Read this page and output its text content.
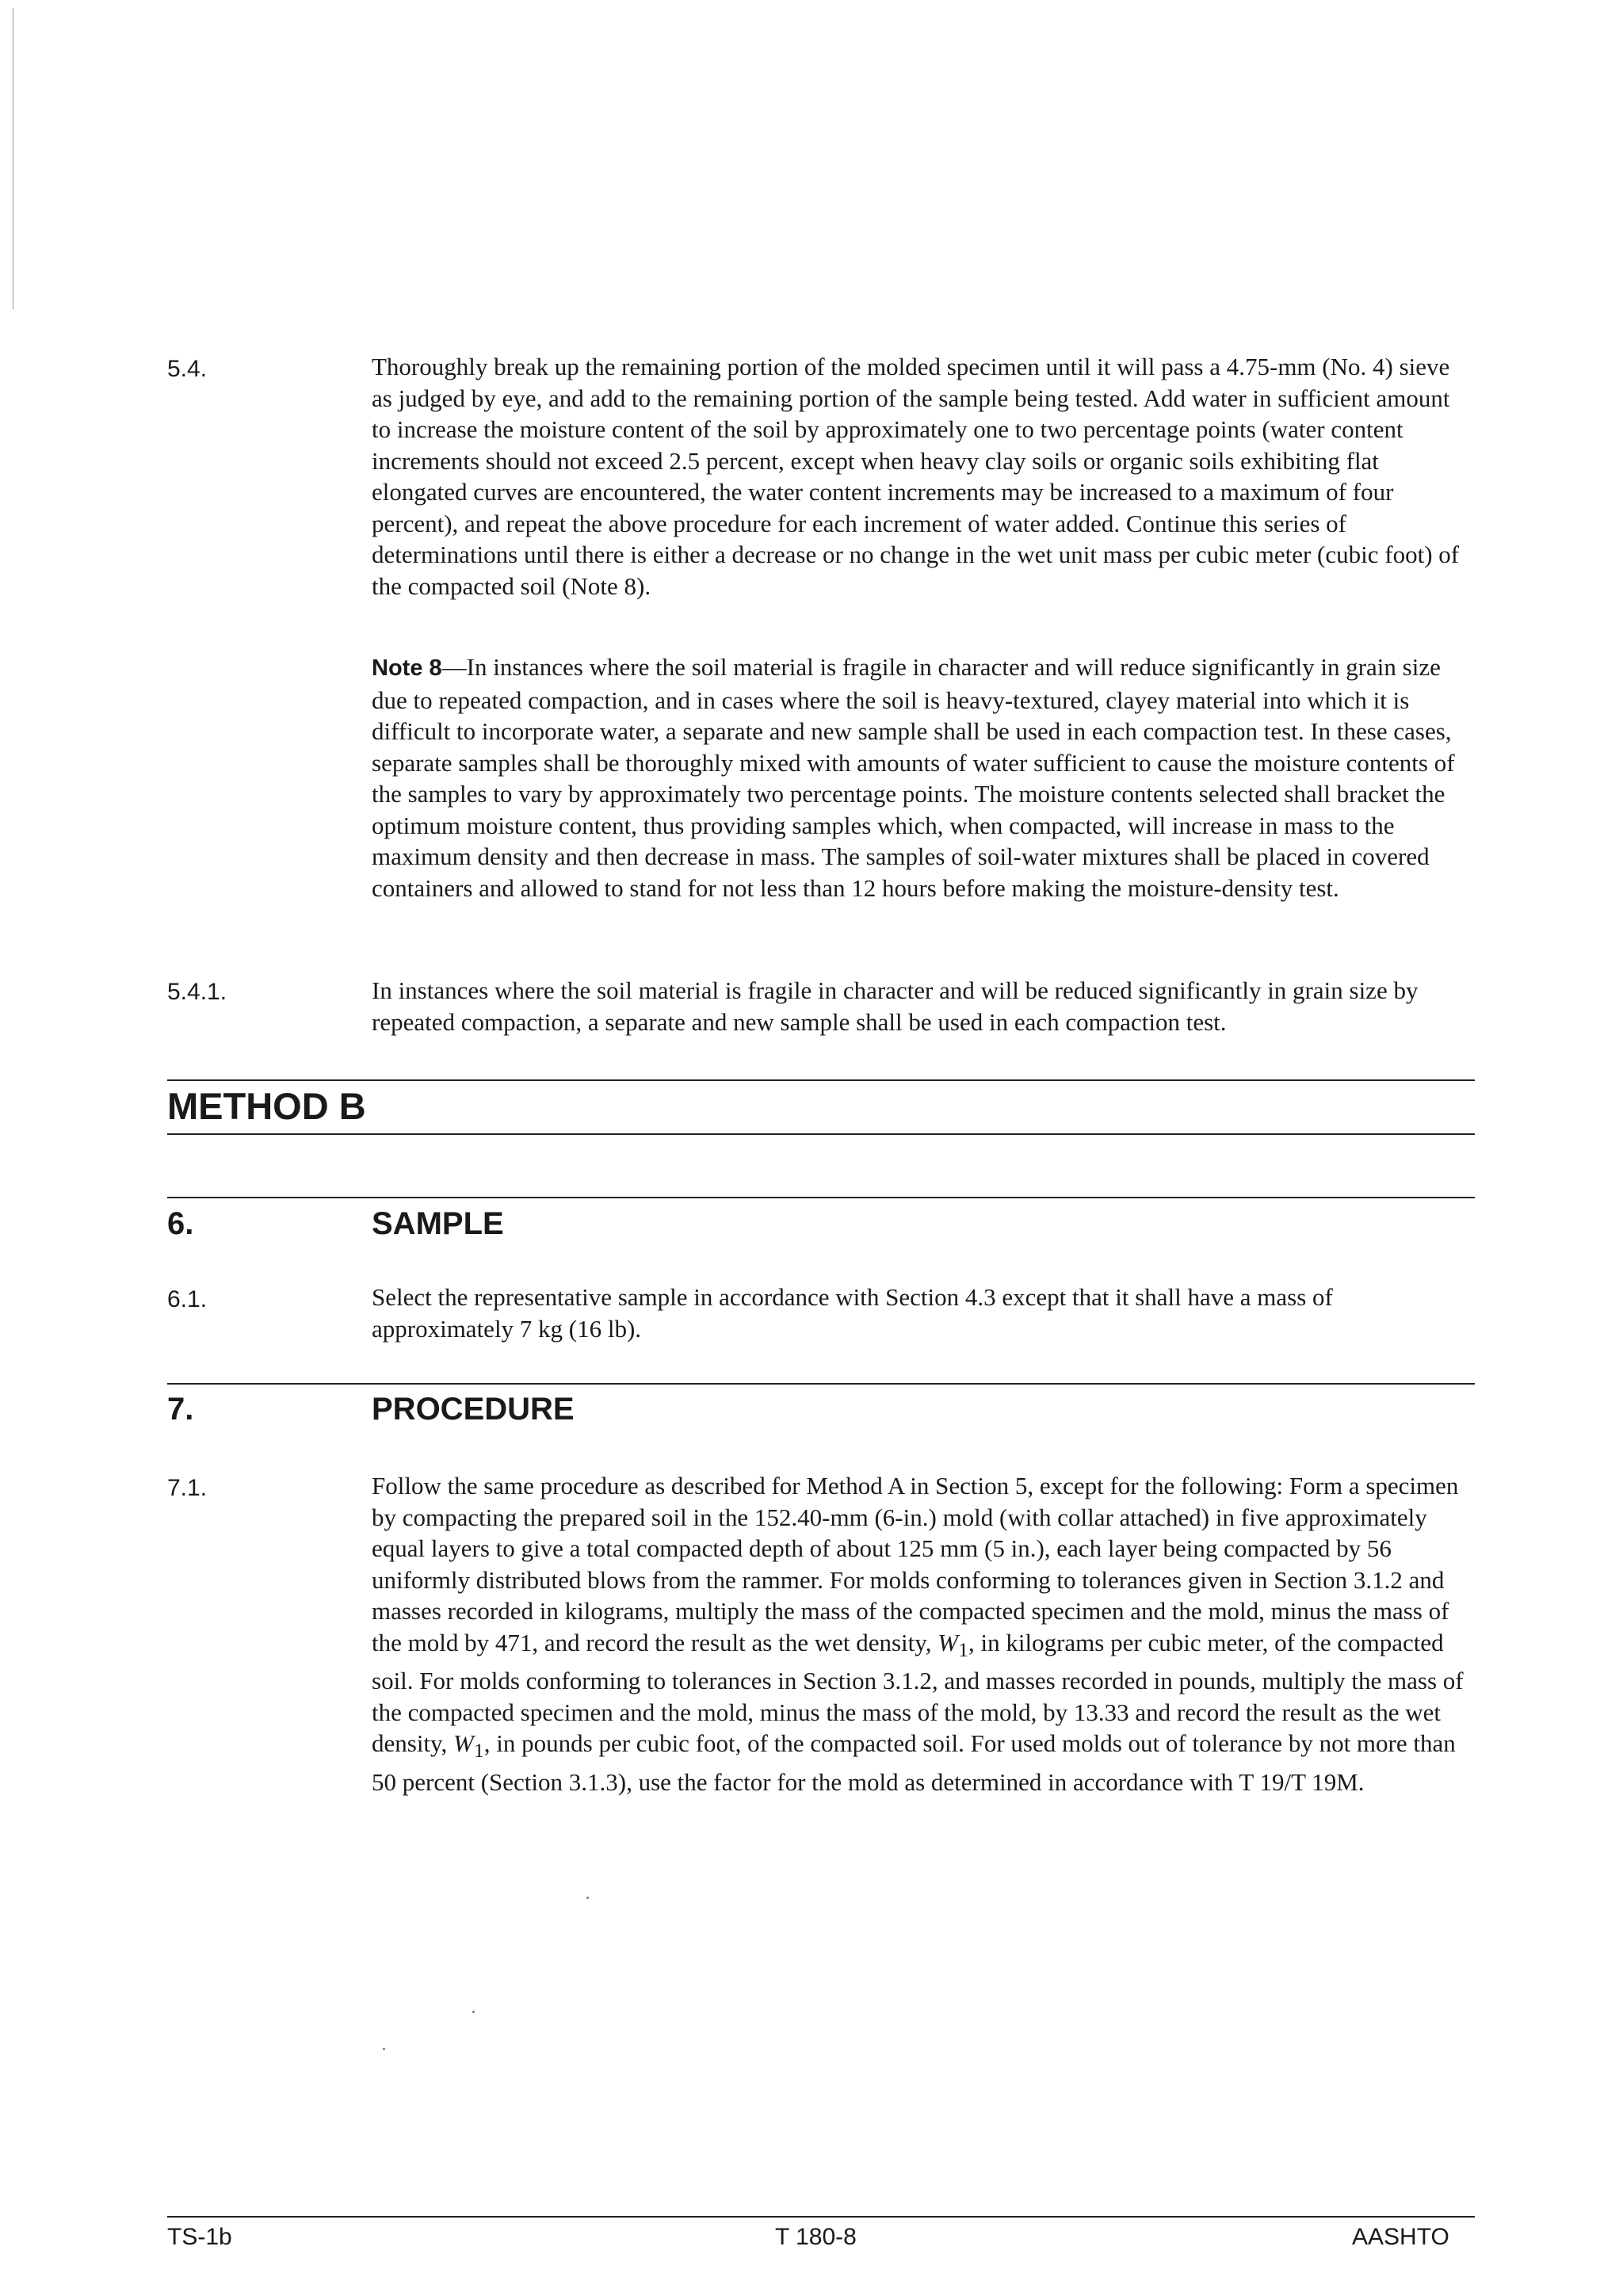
5.4.	Thoroughly break up the remaining portion of the molded specimen until it will pass a 4.75-mm (No. 4) sieve as judged by eye, and add to the remaining portion of the sample being tested. Add water in sufficient amount to increase the moisture content of the soil by approximately one to two percentage points (water content increments should not exceed 2.5 percent, except when heavy clay soils or organic soils exhibiting flat elongated curves are encountered, the water content increments may be increased to a maximum of four percent), and repeat the above procedure for each increment of water added. Continue this series of determinations until there is either a decrease or no change in the wet unit mass per cubic meter (cubic foot) of the compacted soil (Note 8).

Note 8—In instances where the soil material is fragile in character and will reduce significantly in grain size due to repeated compaction, and in cases where the soil is heavy-textured, clayey material into which it is difficult to incorporate water, a separate and new sample shall be used in each compaction test. In these cases, separate samples shall be thoroughly mixed with amounts of water sufficient to cause the moisture contents of the samples to vary by approximately two percentage points. The moisture contents selected shall bracket the optimum moisture content, thus providing samples which, when compacted, will increase in mass to the maximum density and then decrease in mass. The samples of soil-water mixtures shall be placed in covered containers and allowed to stand for not less than 12 hours before making the moisture-density test.

5.4.1.	In instances where the soil material is fragile in character and will be reduced significantly in grain size by repeated compaction, a separate and new sample shall be used in each compaction test.

METHOD B
6.	SAMPLE
6.1.	Select the representative sample in accordance with Section 4.3 except that it shall have a mass of approximately 7 kg (16 lb).

7.	PROCEDURE
7.1.	Follow the same procedure as described for Method A in Section 5, except for the following: Form a specimen by compacting the prepared soil in the 152.40-mm (6-in.) mold (with collar attached) in five approximately equal layers to give a total compacted depth of about 125 mm (5 in.), each layer being compacted by 56 uniformly distributed blows from the rammer. For molds conforming to tolerances given in Section 3.1.2 and masses recorded in kilograms, multiply the mass of the compacted specimen and the mold, minus the mass of the mold by 471, and record the result as the wet density, $W_1$, in kilograms per cubic meter, of the compacted soil. For molds conforming to tolerances in Section 3.1.2, and masses recorded in pounds, multiply the mass of the compacted specimen and the mold, minus the mass of the mold, by 13.33 and record the result as the wet density, $W_1$, in pounds per cubic foot, of the compacted soil. For used molds out of tolerance by not more than 50 percent (Section 3.1.3), use the factor for the mold as determined in accordance with T 19/T 19M.

TS-1b	T 180-8	AASHTO
